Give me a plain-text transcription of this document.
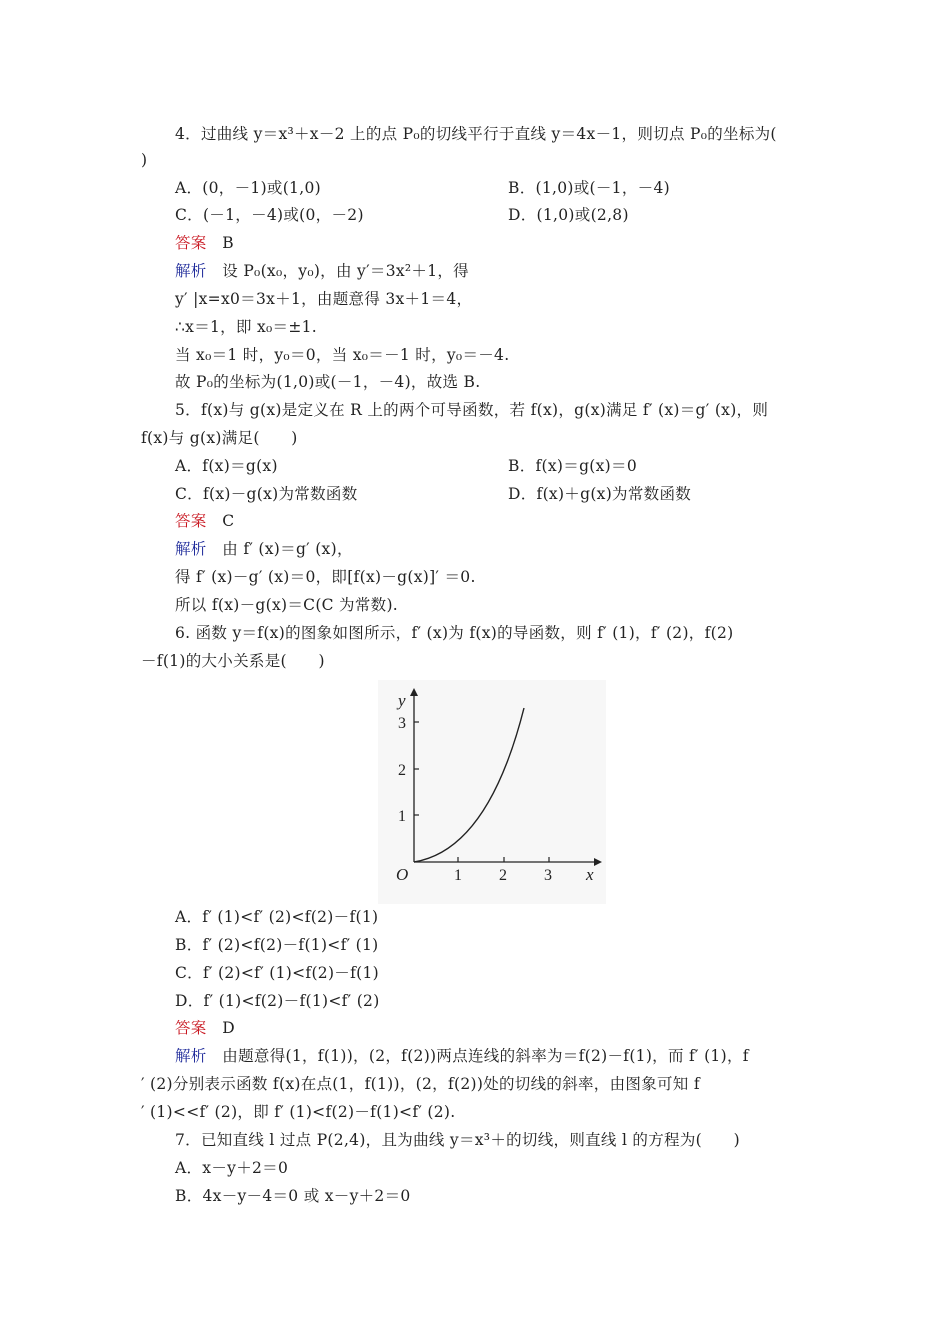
4．过曲线 y＝x³＋x－2 上的点 P₀的切线平行于直线 y＝4x－1，则切点 P₀的坐标为(
)
A．(0，－1)或(1,0)	B．(1,0)或(－1，－4)
C．(－1，－4)或(0，－2)	D．(1,0)或(2,8)
答案 B
解析 设 P₀(x₀，y₀)，由 y′＝3x²＋1，得
y′ |x=x0＝3x＋1，由题意得 3x＋1＝4，
∴x＝1，即 x₀＝±1.
当 x₀＝1 时，y₀＝0，当 x₀＝－1 时，y₀＝－4.
故 P₀的坐标为(1,0)或(－1，－4)，故选 B.
5．f(x)与 g(x)是定义在 R 上的两个可导函数，若 f(x)，g(x)满足 f′ (x)＝g′ (x)，则
f(x)与 g(x)满足(　　)
A．f(x)＝g(x)	B．f(x)＝g(x)＝0
C．f(x)－g(x)为常数函数	D．f(x)＋g(x)为常数函数
答案 C
解析 由 f′ (x)＝g′ (x)，
得 f′ (x)－g′ (x)＝0，即[f(x)－g(x)]′ ＝0.
所以 f(x)－g(x)＝C(C 为常数).
6. 函数 y＝f(x)的图象如图所示，f′ (x)为 f(x)的导函数，则 f′ (1)，f′ (2)，f(2)
－f(1)的大小关系是(　　)
y
x
O	1 2 3
1
2
3
A．f′ (1)<f′ (2)<f(2)－f(1)
B．f′ (2)<f(2)－f(1)<f′ (1)
C．f′ (2)<f′ (1)<f(2)－f(1)
D．f′ (1)<f(2)－f(1)<f′ (2)
答案 D
解析 由题意得(1，f(1))，(2，f(2))两点连线的斜率为＝f(2)－f(1)，而 f′ (1)，f
′ (2)分别表示函数 f(x)在点(1，f(1))，(2，f(2))处的切线的斜率，由图象可知 f
′ (1)<<f′ (2)，即 f′ (1)<f(2)－f(1)<f′ (2).
7．已知直线 l 过点 P(2,4)，且为曲线 y＝x³＋的切线，则直线 l 的方程为(　　)
A．x－y＋2＝0
B．4x－y－4＝0 或 x－y＋2＝0
